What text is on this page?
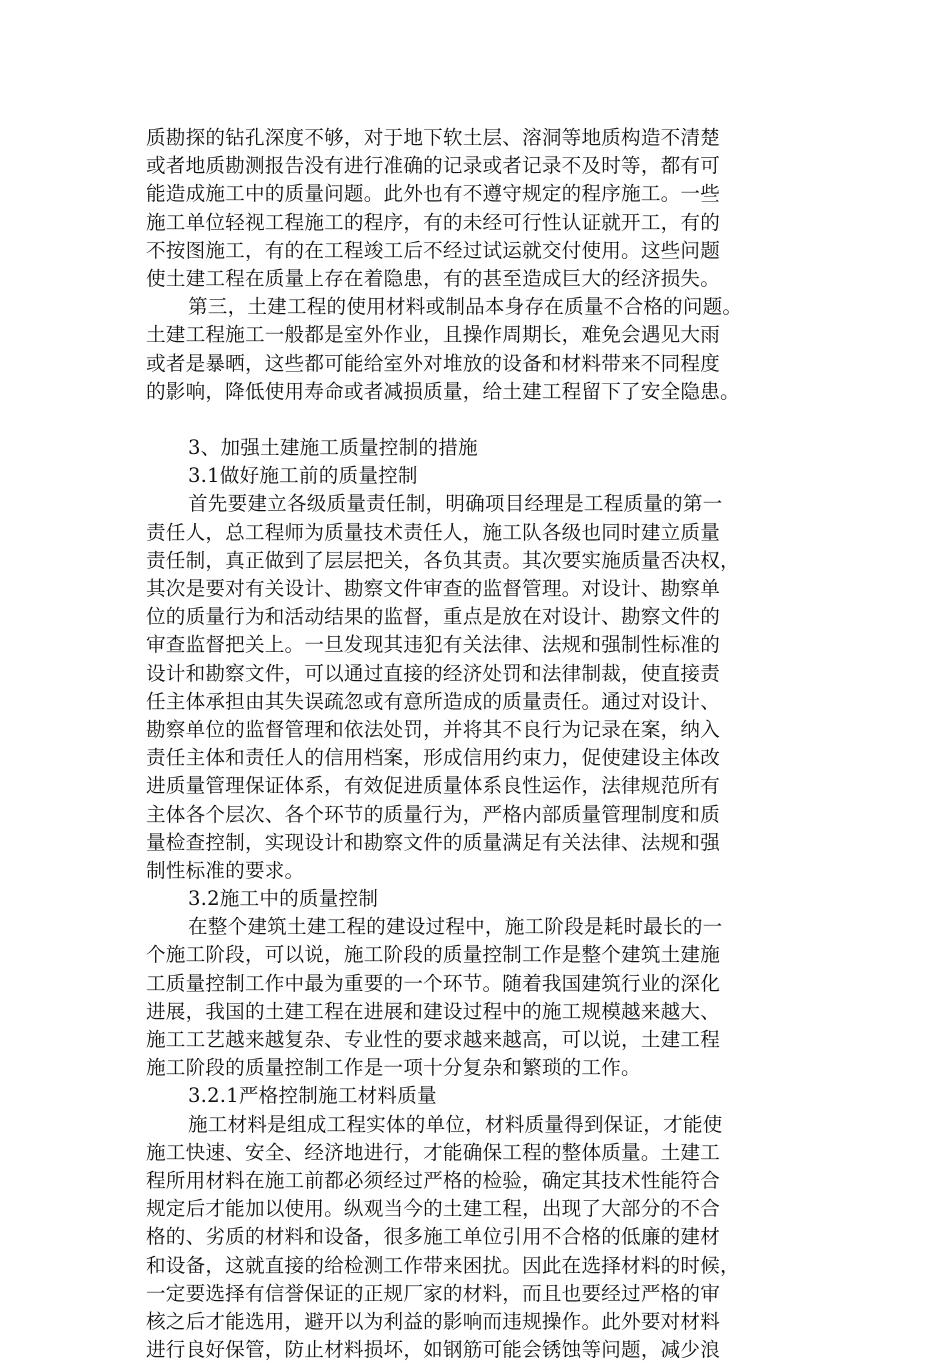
质勘探的钻孔深度不够，对于地下软土层、溶洞等地质构造不清楚
或者地质勘测报告没有进行准确的记录或者记录不及时等，都有可
能造成施工中的质量问题。此外也有不遵守规定的程序施工。一些
施工单位轻视工程施工的程序，有的未经可行性认证就开工，有的
不按图施工，有的在工程竣工后不经过试运就交付使用。这些问题
使土建工程在质量上存在着隐患，有的甚至造成巨大的经济损失。
第三，土建工程的使用材料或制品本身存在质量不合格的问题。
土建工程施工一般都是室外作业，且操作周期长，难免会遇见大雨
或者是暴晒，这些都可能给室外对堆放的设备和材料带来不同程度
的影响，降低使用寿命或者减损质量，给土建工程留下了安全隐患。
3、加强土建施工质量控制的措施
3.1做好施工前的质量控制
首先要建立各级质量责任制，明确项目经理是工程质量的第一
责任人，总工程师为质量技术责任人，施工队各级也同时建立质量
责任制，真正做到了层层把关，各负其责。其次要实施质量否决权，
其次是要对有关设计、勘察文件审查的监督管理。对设计、勘察单
位的质量行为和活动结果的监督，重点是放在对设计、勘察文件的
审查监督把关上。一旦发现其违犯有关法律、法规和强制性标准的
设计和勘察文件，可以通过直接的经济处罚和法律制裁，使直接责
任主体承担由其失误疏忽或有意所造成的质量责任。通过对设计、
勘察单位的监督管理和依法处罚，并将其不良行为记录在案，纳入
责任主体和责任人的信用档案，形成信用约束力，促使建设主体改
进质量管理保证体系，有效促进质量体系良性运作，法律规范所有
主体各个层次、各个环节的质量行为，严格内部质量管理制度和质
量检查控制，实现设计和勘察文件的质量满足有关法律、法规和强
制性标准的要求。
3.2施工中的质量控制
在整个建筑土建工程的建设过程中，施工阶段是耗时最长的一
个施工阶段，可以说，施工阶段的质量控制工作是整个建筑土建施
工质量控制工作中最为重要的一个环节。随着我国建筑行业的深化
进展，我国的土建工程在进展和建设过程中的施工规模越来越大、
施工工艺越来越复杂、专业性的要求越来越高，可以说，土建工程
施工阶段的质量控制工作是一项十分复杂和繁琐的工作。
3.2.1严格控制施工材料质量
施工材料是组成工程实体的单位，材料质量得到保证，才能使
施工快速、安全、经济地进行，才能确保工程的整体质量。土建工
程所用材料在施工前都必须经过严格的检验，确定其技术性能符合
规定后才能加以使用。纵观当今的土建工程，出现了大部分的不合
格的、劣质的材料和设备，很多施工单位引用不合格的低廉的建材
和设备，这就直接的给检测工作带来困扰。因此在选择材料的时候，
一定要选择有信誉保证的正规厂家的材料，而且也要经过严格的审
核之后才能选用，避开以为利益的影响而违规操作。此外要对材料
进行良好保管，防止材料损坏，如钢筋可能会锈蚀等问题，减少浪
